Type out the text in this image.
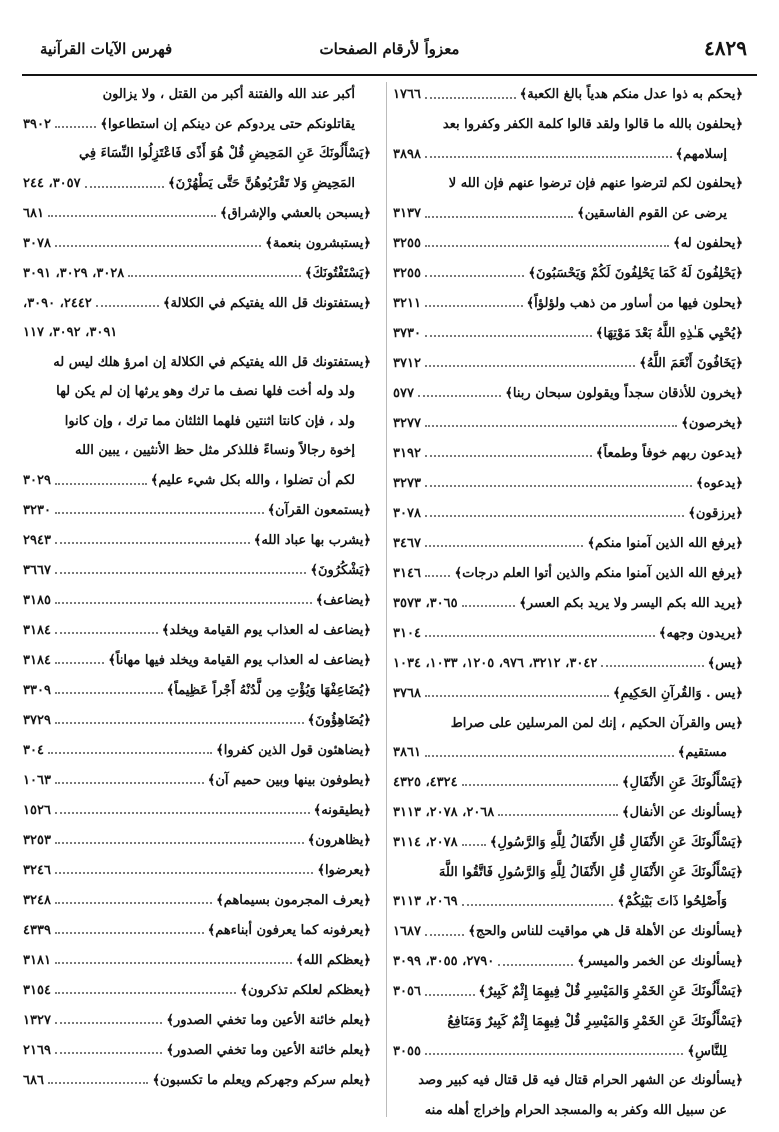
٤٨٢٩
معزواً لأرقام الصفحات
فهرس الآيات القرآنية
﴿يحكم به ذوا عدل منكم هدياً بالغ الكعبة﴾
١٧٦٦
﴿يحلفون بالله ما قالوا ولقد قالوا كلمة الكفر وكفروا بعد
إسلامهم﴾
٣٨٩٨
﴿يحلفون لكم لترضوا عنهم فإن ترضوا عنهم فإن الله لا
يرضى عن القوم الفاسقين﴾
٣١٣٧
﴿يحلفون له﴾
٣٢٥٥
﴿يَحْلِفُونَ لَهُ كَمَا يَحْلِفُونَ لَكُمْ وَيَحْسَبُونَ﴾
٣٢٥٥
﴿يحلون فيها من أساور من ذهب ولؤلؤاً﴾
٣٢١١
﴿يُحْيِي هَـٰذِهِ اللَّهُ بَعْدَ مَوْتِهَا﴾
٣٧٣٠
﴿يَخَافُونَ أَنْعَمَ اللَّهُ﴾
٣٧١٢
﴿يخرون للأذقان سجداً ويقولون سبحان ربنا﴾
٥٧٧
﴿يخرصون﴾
٣٢٧٧
﴿يدعون ربهم خوفاً وطمعاً﴾
٣١٩٢
﴿يدعوه﴾
٣٢٧٣
﴿يرزقون﴾
٣٠٧٨
﴿يرفع الله الذين آمنوا منكم﴾
٣٤٦٧
﴿يرفع الله الذين آمنوا منكم والذين أتوا العلم درجات﴾
٣١٤٦
﴿يريد الله بكم اليسر ولا يريد بكم العسر﴾
٣٠٦٥، ٣٥٧٣
﴿يريدون وجهه﴾
٣١٠٤
﴿يس﴾
٣٠٤٢، ٣٢١٢، ٩٧٦، ١٢٠٥، ١٠٣٣، ١٠٣٤
﴿يس . وَالقُرآنِ الحَكِيمِ﴾
٣٧٦٨
﴿يس والقرآن الحكيم ، إنك لمن المرسلين على صراط
مستقيم﴾
٣٨٦١
﴿يَسْأَلُونَكَ عَنِ الأَنْفَالِ﴾
٤٣٢٤، ٤٣٢٥
﴿يسألونك عن الأنفال﴾
٢٠٦٨، ٢٠٧٨، ٣١١٣
﴿يَسْأَلُونَكَ عَنِ الأَنْفَالِ قُلِ الأَنْفَالُ لِلَّهِ وَالرَّسُولِ﴾
٢٠٧٨، ٣١١٤
﴿يَسْأَلُونَكَ عَنِ الأَنْفَالِ قُلِ الأَنْفَالُ لِلَّهِ وَالرَّسُولِ فَاتَّقُوا اللَّهَ
وَأَصْلِحُوا ذَاتَ بَيْنِكُمْ﴾
٢٠٦٩، ٣١١٣
﴿يسألونك عن الأهلة قل هي مواقيت للناس والحج﴾
١٦٨٧
﴿يسألونك عن الخمر والميسر﴾
٢٧٩٠، ٣٠٥٥، ٣٠٩٩
﴿يَسْأَلُونَكَ عَنِ الخَمْرِ وَالمَيْسِرِ قُلْ فِيهِمَا إِثْمٌ كَبِيرٌ﴾
٣٠٥٦
﴿يَسْأَلُونَكَ عَنِ الخَمْرِ وَالمَيْسِرِ قُلْ فِيهِمَا إِثْمٌ كَبِيرٌ وَمَنَافِعُ
لِلنَّاسِ﴾
٣٠٥٥
﴿يسألونك عن الشهر الحرام قتال فيه قل قتال فيه كبير وصد
عن سبيل الله وكفر به والمسجد الحرام وإخراج أهله منه
أكبر عند الله والفتنة أكبر من القتل ، ولا يزالون
يقاتلونكم حتى يردوكم عن دينكم إن استطاعوا﴾
٣٩٠٢
﴿يَسْأَلُونَكَ عَنِ المَحِيضِ قُلْ هُوَ أَذًى فَاعْتَزِلُوا النِّسَاءَ فِي
المَحِيضِ وَلا تَقْرَبُوهُنَّ حَتَّى يَطْهُرْنَ﴾
٣٠٥٧، ٢٤٤
﴿يسبحن بالعشي والإشراق﴾
٦٨١
﴿يستبشرون بنعمة﴾
٣٠٧٨
﴿يَسْتَفْتُونَكَ﴾
٣٠٢٨، ٣٠٢٩، ٣٠٩١
﴿يستفتونك قل الله يفتيكم في الكلالة﴾
٢٤٤٢، ٣٠٩٠،
٣٠٩١، ٣٠٩٢، ١١٧
﴿يستفتونك قل الله يفتيكم في الكلالة إن امرؤ هلك ليس له
ولد وله أخت فلها نصف ما ترك وهو يرثها إن لم يكن لها
ولد ، فإن كانتا اثنتين فلهما الثلثان مما ترك ، وإن كانوا
إخوة رجالاً ونساءً فللذكر مثل حظ الأنثيين ، يبين الله
لكم أن تضلوا ، والله بكل شيء عليم﴾
٣٠٢٩
﴿يستمعون القرآن﴾
٣٢٣٠
﴿يشرب بها عباد الله﴾
٢٩٤٣
﴿يَشْكُرُونَ﴾
٣٦٦٧
﴿يضاعف﴾
٣١٨٥
﴿يضاعف له العذاب يوم القيامة ويخلد﴾
٣١٨٤
﴿يضاعف له العذاب يوم القيامة ويخلد فيها مهاناً﴾
٣١٨٤
﴿يُضَاعِفْهَا وَيُؤْتِ مِن لَّدُنْهُ أَجْراً عَظِيماً﴾
٣٣٠٩
﴿يُضَاهِؤُونَ﴾
٣٧٢٩
﴿يضاهئون قول الذين كفروا﴾
٣٠٤
﴿يطوفون بينها وبين حميم آن﴾
١٠٦٣
﴿يطيقونه﴾
١٥٢٦
﴿يظاهرون﴾
٣٢٥٣
﴿يعرضوا﴾
٣٢٤٦
﴿يعرف المجرمون بسيماهم﴾
٣٢٤٨
﴿يعرفونه كما يعرفون أبناءهم﴾
٤٣٣٩
﴿يعظكم الله﴾
٣١٨١
﴿يعظكم لعلكم تذكرون﴾
٣١٥٤
﴿يعلم خائنة الأعين وما تخفي الصدور﴾
١٣٢٧
﴿يعلم خائنة الأعين وما تخفي الصدور﴾
٢١٦٩
﴿يعلم سركم وجهركم ويعلم ما تكسبون﴾
٦٨٦
